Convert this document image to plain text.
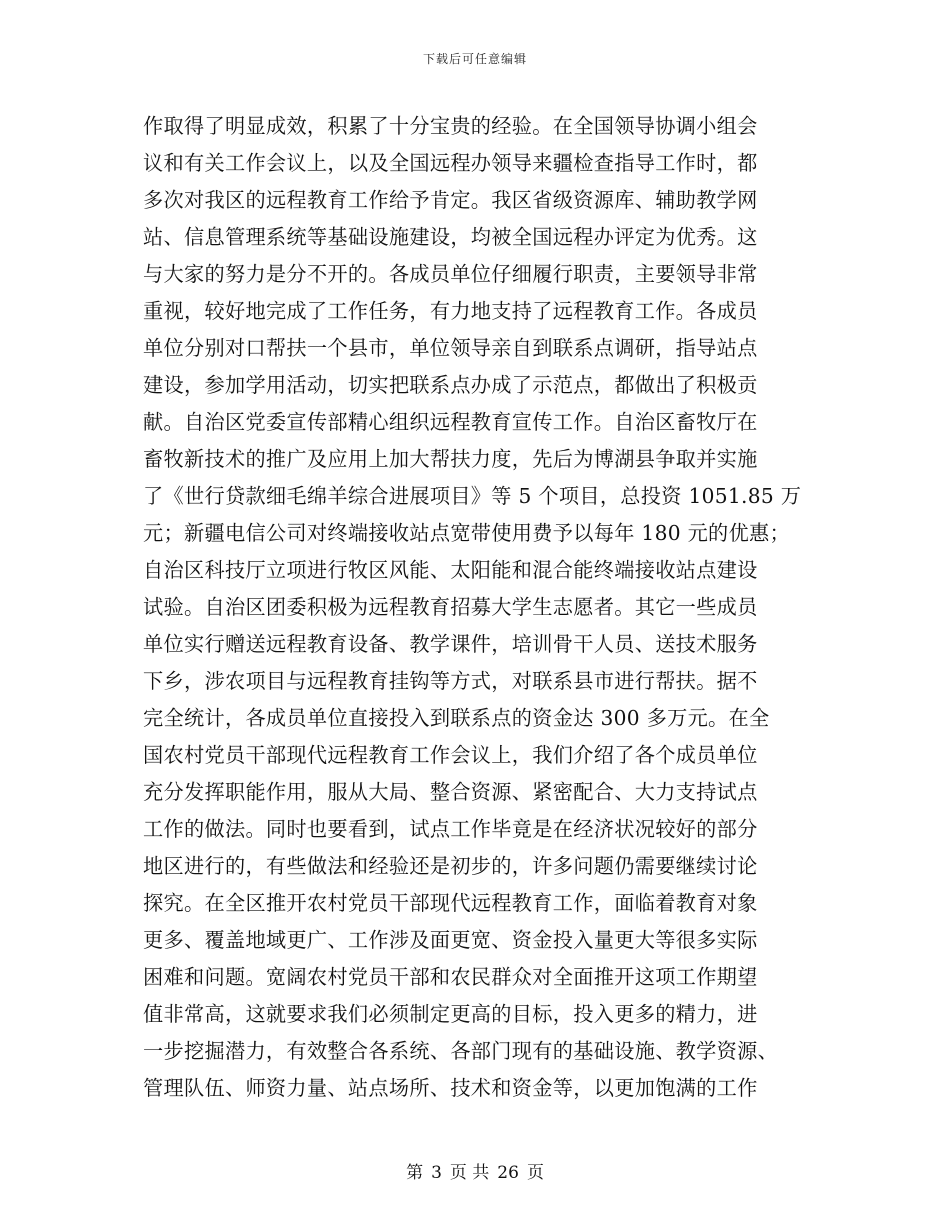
下载后可任意编辑
作取得了明显成效，积累了十分宝贵的经验。在全国领导协调小组会
议和有关工作会议上，以及全国远程办领导来疆检查指导工作时，都
多次对我区的远程教育工作给予肯定。我区省级资源库、辅助教学网
站、信息管理系统等基础设施建设，均被全国远程办评定为优秀。这
与大家的努力是分不开的。各成员单位仔细履行职责，主要领导非常
重视，较好地完成了工作任务，有力地支持了远程教育工作。各成员
单位分别对口帮扶一个县市，单位领导亲自到联系点调研，指导站点
建设，参加学用活动，切实把联系点办成了示范点，都做出了积极贡
献。自治区党委宣传部精心组织远程教育宣传工作。自治区畜牧厅在
畜牧新技术的推广及应用上加大帮扶力度，先后为博湖县争取并实施
了《世行贷款细毛绵羊综合进展项目》等 5 个项目，总投资 1051.85 万
元；新疆电信公司对终端接收站点宽带使用费予以每年 180 元的优惠；
自治区科技厅立项进行牧区风能、太阳能和混合能终端接收站点建设
试验。自治区团委积极为远程教育招募大学生志愿者。其它一些成员
单位实行赠送远程教育设备、教学课件，培训骨干人员、送技术服务
下乡，涉农项目与远程教育挂钩等方式，对联系县市进行帮扶。据不
完全统计，各成员单位直接投入到联系点的资金达 300 多万元。在全
国农村党员干部现代远程教育工作会议上，我们介绍了各个成员单位
充分发挥职能作用，服从大局、整合资源、紧密配合、大力支持试点
工作的做法。同时也要看到，试点工作毕竟是在经济状况较好的部分
地区进行的，有些做法和经验还是初步的，许多问题仍需要继续讨论
探究。在全区推开农村党员干部现代远程教育工作，面临着教育对象
更多、覆盖地域更广、工作涉及面更宽、资金投入量更大等很多实际
困难和问题。宽阔农村党员干部和农民群众对全面推开这项工作期望
值非常高，这就要求我们必须制定更高的目标，投入更多的精力，进
一步挖掘潜力，有效整合各系统、各部门现有的基础设施、教学资源、
管理队伍、师资力量、站点场所、技术和资金等，以更加饱满的工作
第 3 页 共 26 页
